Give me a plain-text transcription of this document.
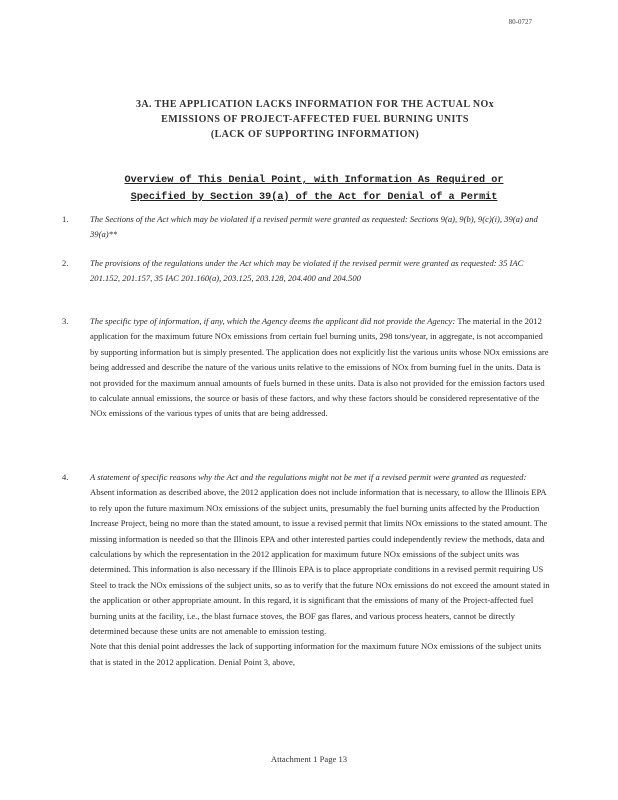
80-0727
3A. THE APPLICATION LACKS INFORMATION FOR THE ACTUAL NOx
EMISSIONS OF PROJECT-AFFECTED FUEL BURNING UNITS
(LACK OF SUPPORTING INFORMATION)
Overview of This Denial Point, with Information As Required or
Specified by Section 39(a) of the Act for Denial of a Permit
1.	The Sections of the Act which may be violated if a revised permit were granted as requested: Sections 9(a), 9(b), 9(c)(i), 39(a) and 39(a)**
2.	The provisions of the regulations under the Act which may be violated if the revised permit were granted as requested: 35 IAC 201.152, 201.157, 35 IAC 201.160(a), 203.125, 203.128, 204.400 and 204.500
3.	The specific type of information, if any, which the Agency deems the applicant did not provide the Agency: The material in the 2012 application for the maximum future NOx emissions from certain fuel burning units, 298 tons/year, in aggregate, is not accompanied by supporting information but is simply presented. The application does not explicitly list the various units whose NOx emissions are being addressed and describe the nature of the various units relative to the emissions of NOx from burning fuel in the units. Data is not provided for the maximum annual amounts of fuels burned in these units. Data is also not provided for the emission factors used to calculate annual emissions, the source or basis of these factors, and why these factors should be considered representative of the NOx emissions of the various types of units that are being addressed.
4.	A statement of specific reasons why the Act and the regulations might not be met if a revised permit were granted as requested: Absent information as described above, the 2012 application does not include information that is necessary, to allow the Illinois EPA to rely upon the future maximum NOx emissions of the subject units, presumably the fuel burning units affected by the Production Increase Project, being no more than the stated amount, to issue a revised permit that limits NOx emissions to the stated amount. The missing information is needed so that the Illinois EPA and other interested parties could independently review the methods, data and calculations by which the representation in the 2012 application for maximum future NOx emissions of the subject units was determined. This information is also necessary if the Illinois EPA is to place appropriate conditions in a revised permit requiring US Steel to track the NOx emissions of the subject units, so as to verify that the future NOx emissions do not exceed the amount stated in the application or other appropriate amount. In this regard, it is significant that the emissions of many of the Project-affected fuel burning units at the facility, i.e., the blast furnace stoves, the BOF gas flares, and various process heaters, cannot be directly determined because these units are not amenable to emission testing.
Note that this denial point addresses the lack of supporting information for the maximum future NOx emissions of the subject units that is stated in the 2012 application. Denial Point 3, above,
Attachment 1 Page 13
